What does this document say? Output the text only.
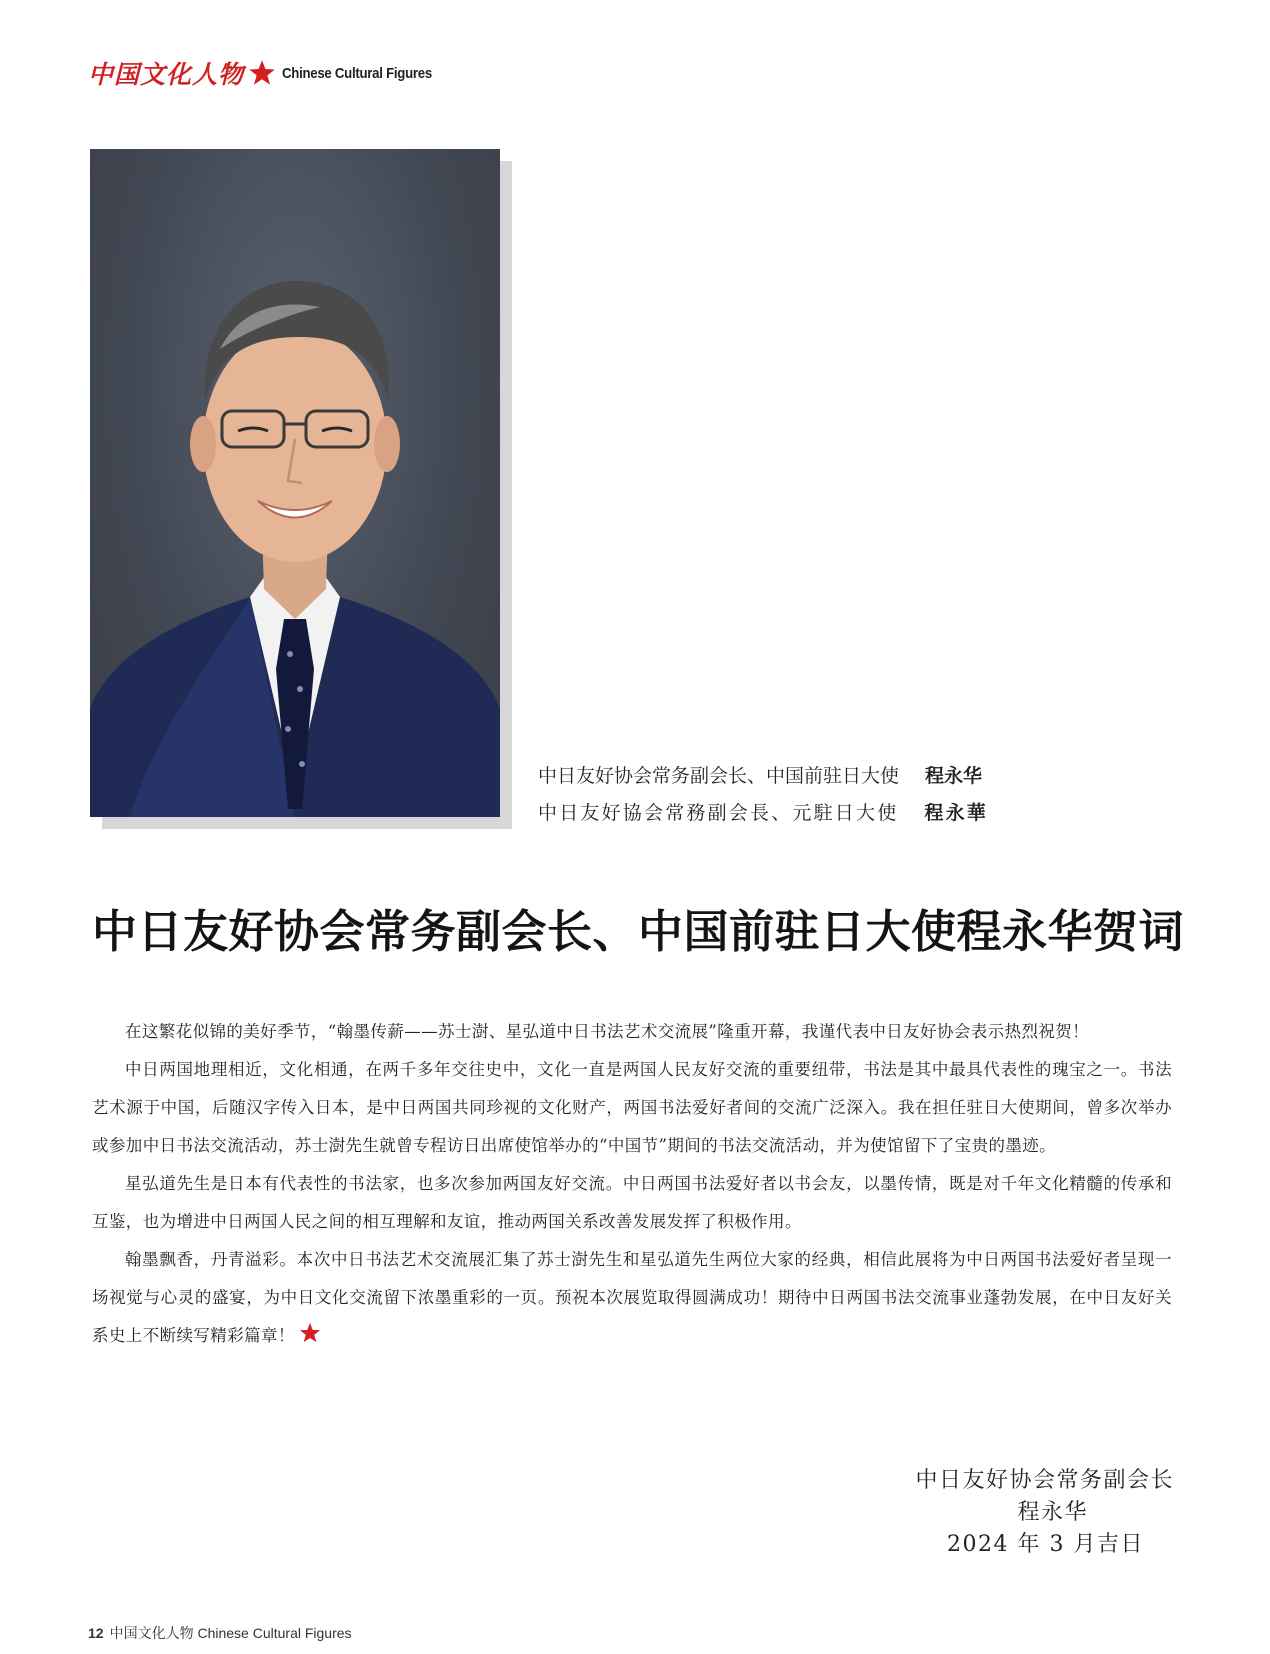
中国文化人物	Chinese Cultural Figures
中日友好协会常务副会长、中国前驻日大使 程永华
中日友好協会常務副会長、元駐日大使 程永華
中日友好协会常务副会长、中国前驻日大使程永华贺词

在这繁花似锦的美好季节，“翰墨传薪——苏士澍、星弘道中日书法艺术交流展”隆重开幕，我谨代表中日友好协会表示热烈祝贺！

中日两国地理相近，文化相通，在两千多年交往史中，文化一直是两国人民友好交流的重要纽带，书法是其中最具代表性的瑰宝之一。书法艺术源于中国，后随汉字传入日本，是中日两国共同珍视的文化财产，两国书法爱好者间的交流广泛深入。我在担任驻日大使期间，曾多次举办或参加中日书法交流活动，苏士澍先生就曾专程访日出席使馆举办的“中国节”期间的书法交流活动，并为使馆留下了宝贵的墨迹。

星弘道先生是日本有代表性的书法家，也多次参加两国友好交流。中日两国书法爱好者以书会友，以墨传情，既是对千年文化精髓的传承和互鉴，也为增进中日两国人民之间的相互理解和友谊，推动两国关系改善发展发挥了积极作用。

翰墨飘香，丹青溢彩。本次中日书法艺术交流展汇集了苏士澍先生和星弘道先生两位大家的经典，相信此展将为中日两国书法爱好者呈现一场视觉与心灵的盛宴，为中日文化交流留下浓墨重彩的一页。预祝本次展览取得圆满成功！期待中日两国书法交流事业蓬勃发展，在中日友好关系史上不断续写精彩篇章！

中日友好协会常务副会长
程永华
2024 年 3 月吉日
12 中国文化人物 Chinese Cultural Figures
